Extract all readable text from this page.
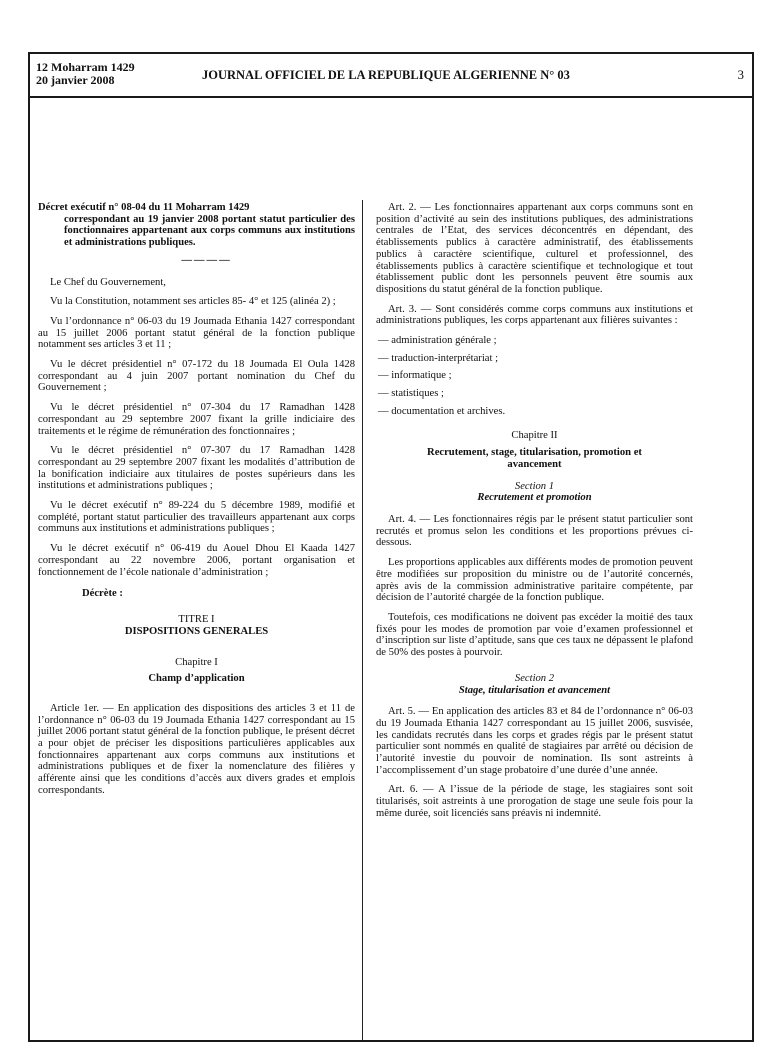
12 Moharram 1429
20 janvier 2008	JOURNAL OFFICIEL DE LA REPUBLIQUE ALGERIENNE N° 03	3
Décret exécutif n° 08-04 du 11 Moharram 1429
correspondant au 19 janvier 2008 portant statut particulier des fonctionnaires appartenant aux corps communs aux institutions et administrations publiques.
————

Le Chef du Gouvernement,

Vu la Constitution, notamment ses articles 85- 4° et 125 (alinéa 2) ;

Vu l’ordonnance n° 06-03 du 19 Joumada Ethania 1427 correspondant au 15 juillet 2006 portant statut général de la fonction publique notamment ses articles 3 et 11 ;

Vu le décret présidentiel n° 07-172 du 18 Joumada El Oula 1428 correspondant au 4 juin 2007 portant nomination du Chef du Gouvernement ;

Vu le décret présidentiel n° 07-304 du 17 Ramadhan 1428 correspondant au 29 septembre 2007 fixant la grille indiciaire des traitements et le régime de rémunération des fonctionnaires ;

Vu le décret présidentiel n° 07-307 du 17 Ramadhan 1428 correspondant au 29 septembre 2007 fixant les modalités d’attribution de la bonification indiciaire aux titulaires de postes supérieurs dans les institutions et administrations publiques ;

Vu le décret exécutif n° 89-224 du 5 décembre 1989, modifié et complété, portant statut particulier des travailleurs appartenant aux corps communs aux institutions et administrations publiques ;

Vu le décret exécutif n° 06-419 du Aouel Dhou El Kaada 1427 correspondant au 22 novembre 2006, portant organisation et fonctionnement de l’école nationale d’administration ;

Décrète :
TITRE I
DISPOSITIONS GENERALES
Chapitre I
Champ d’application

Article 1er. — En application des dispositions des articles 3 et 11 de l’ordonnance n° 06-03 du 19 Joumada Ethania 1427 correspondant au 15 juillet 2006 portant statut général de la fonction publique, le présent décret a pour objet de préciser les dispositions particulières applicables aux fonctionnaires appartenant aux corps communs aux institutions et administrations publiques et de fixer la nomenclature des filières y afférente ainsi que les conditions d’accès aux divers grades et emplois correspondants.

Art. 2. — Les fonctionnaires appartenant aux corps communs sont en position d’activité au sein des institutions publiques, des administrations centrales de l’Etat, des services déconcentrés en dépendant, des établissements publics à caractère administratif, des établissements publics à caractère scientifique, culturel et professionnel, des établissements publics à caractère scientifique et technologique et tout établissement public dont les personnels peuvent être soumis aux dispositions du statut général de la fonction publique.

Art. 3. — Sont considérés comme corps communs aux institutions et administrations publiques, les corps appartenant aux filières suivantes :

— administration générale ;
— traduction-interprétariat ;
— informatique ;
— statistiques ;
— documentation et archives.
Chapitre II
Recrutement, stage, titularisation, promotion et avancement
Section 1
Recrutement et promotion

Art. 4. — Les fonctionnaires régis par le présent statut particulier sont recrutés et promus selon les conditions et les proportions prévues ci-dessous.

Les proportions applicables aux différents modes de promotion peuvent être modifiées sur proposition du ministre ou de l’autorité concernés, après avis de la commission administrative paritaire compétente, par décision de l’autorité chargée de la fonction publique.

Toutefois, ces modifications ne doivent pas excéder la moitié des taux fixés pour les modes de promotion par voie d’examen professionnel et d’inscription sur liste d’aptitude, sans que ces taux ne dépassent le plafond de 50% des postes à pourvoir.

Section 2
Stage, titularisation et avancement

Art. 5. — En application des articles 83 et 84 de l’ordonnance n° 06-03 du 19 Joumada Ethania 1427 correspondant au 15 juillet 2006, susvisée, les candidats recrutés dans les corps et grades régis par le présent statut particulier sont nommés en qualité de stagiaires par arrêté ou décision de l’autorité investie du pouvoir de nomination. Ils sont astreints à l’accomplissement d’un stage probatoire d’une durée d’une année.

Art. 6. — A l’issue de la période de stage, les stagiaires sont soit titularisés, soit astreints à une prorogation de stage une seule fois pour la même durée, soit licenciés sans préavis ni indemnité.
